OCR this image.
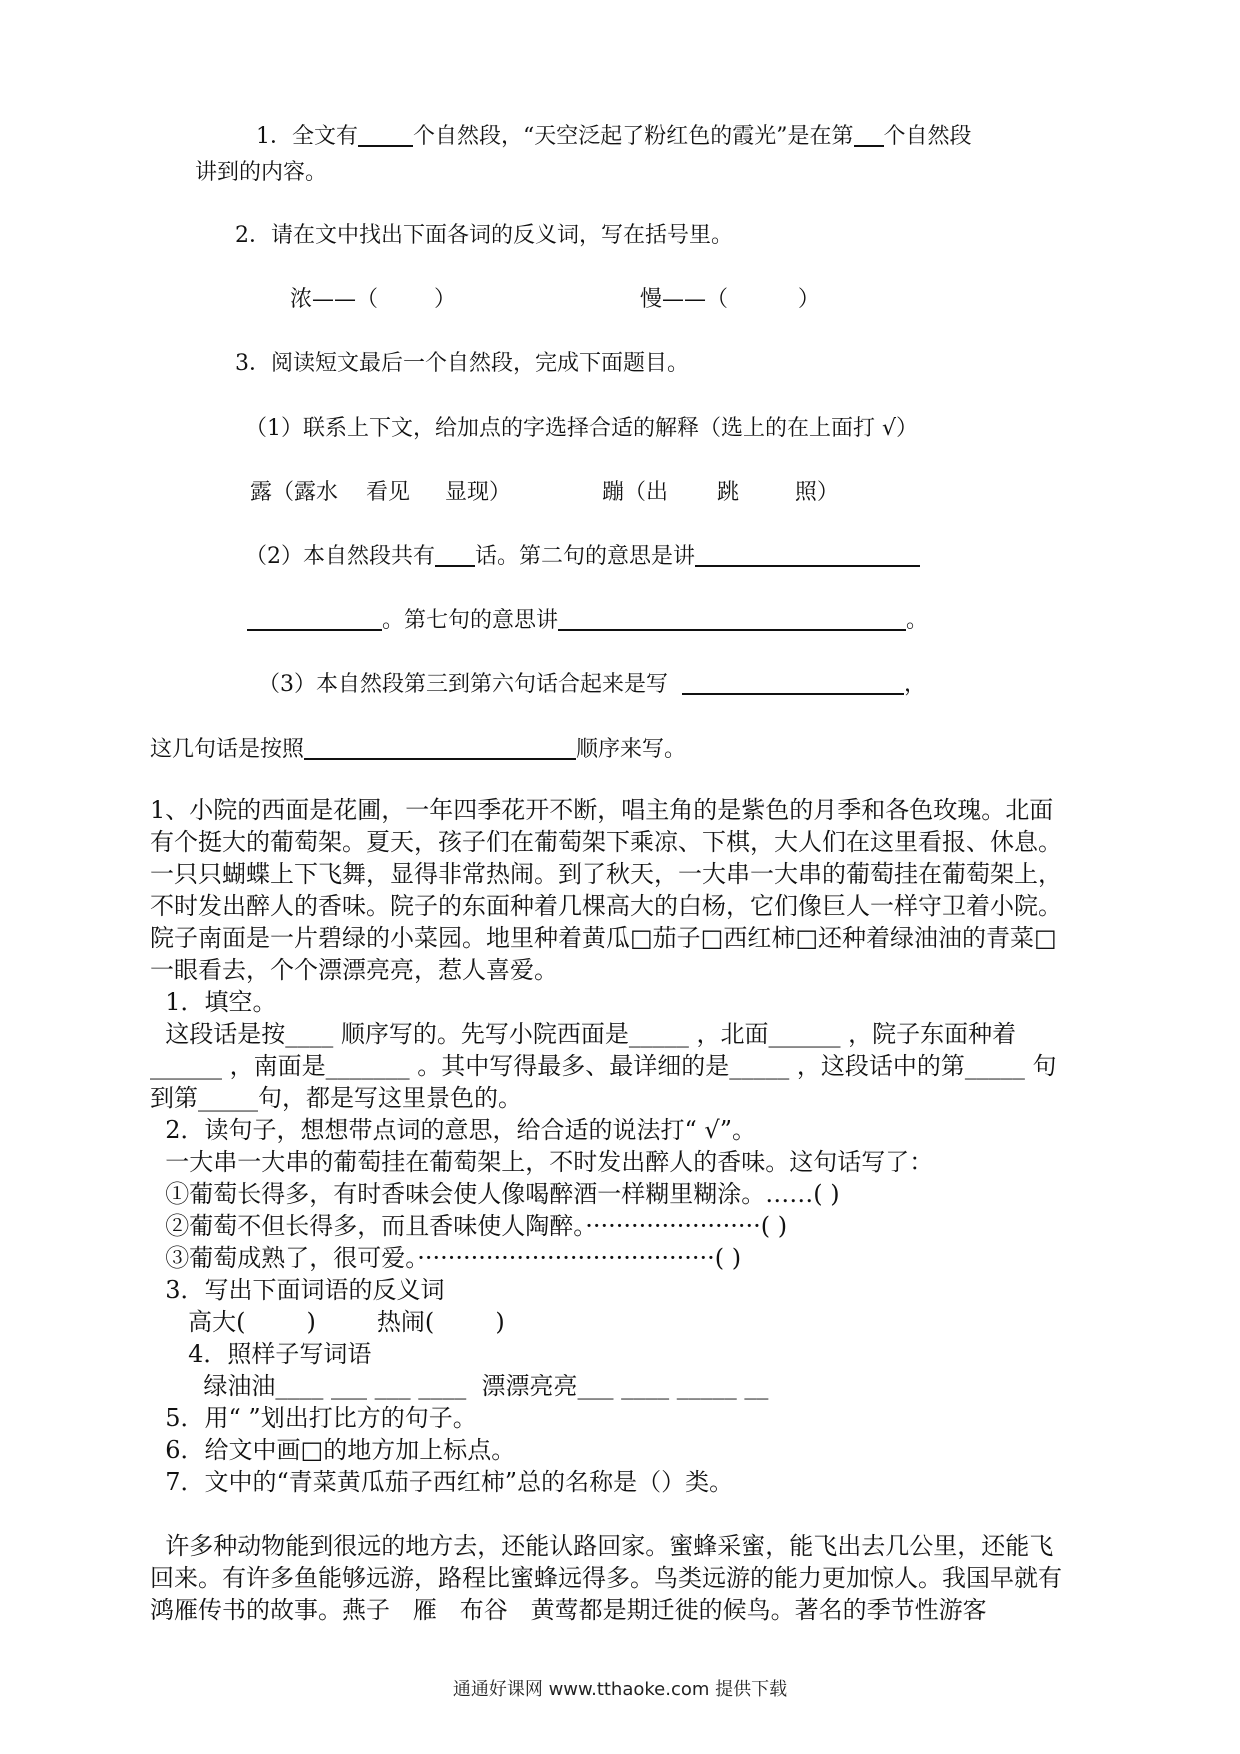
1．全文有	个自然段，“天空泛起了粉红色的霞光”是在第 个自然段
讲到的内容。
2．请在文中找出下面各词的反义词，写在括号里。
浓——（        ）	慢——（          ）
3．阅读短文最后一个自然段，完成下面题目。
（1）联系上下文，给加点的字选择合适的解释（选上的在上面打 √）
露（露水    看见     显现）	蹦（出       跳        照）
（2）本自然段共有 话。第二句的意思是讲
。第七句的意思讲	。
（3）本自然段第三到第六句话合起来是写	，
这几句话是按照	顺序来写。
1、小院的西面是花圃，一年四季花开不断，唱主角的是紫色的月季和各色玫瑰。北面
有个挺大的葡萄架。夏天，孩子们在葡萄架下乘凉、下棋，大人们在这里看报、休息。
一只只蝴蝶上下飞舞，显得非常热闹。到了秋天，一大串一大串的葡萄挂在葡萄架上，
不时发出醉人的香味。院子的东面种着几棵高大的白杨，它们像巨人一样守卫着小院。
院子南面是一片碧绿的小菜园。地里种着黄瓜□茄子□西红柿□还种着绿油油的青菜□
一眼看去，个个漂漂亮亮，惹人喜爱。
1．填空。
这段话是按____ 顺序写的。先写小院西面是_____ ，北面______ ，院子东面种着
______ ，南面是_______ 。其中写得最多、最详细的是_____ ，这段话中的第_____ 句
到第_____句，都是写这里景色的。
2．读句子，想想带点词的意思，给合适的说法打“ √”。
一大串一大串的葡萄挂在葡萄架上，不时发出醉人的香味。这句话写了：
①葡萄长得多，有时香味会使人像喝醉酒一样糊里糊涂。……( )
②葡萄不但长得多，而且香味使人陶醉。·······················( )
③葡萄成熟了，很可爱。·······································( )
3．写出下面词语的反义词
高大(        )        热闹(        )
4．照样子写词语
绿油油____ ___ ___ ____  漂漂亮亮___ ____ _____ __
5．用“ ”划出打比方的句子。
6．给文中画□的地方加上标点。
7．文中的“青菜黄瓜茄子西红柿”总的名称是（）类。
许多种动物能到很远的地方去，还能认路回家。蜜蜂采蜜，能飞出去几公里，还能飞
回来。有许多鱼能够远游，路程比蜜蜂远得多。鸟类远游的能力更加惊人。我国早就有
鸿雁传书的故事。燕子   雁   布谷   黄莺都是期迁徙的候鸟。著名的季节性游客
通通好课网 www.tthaoke.com 提供下载
